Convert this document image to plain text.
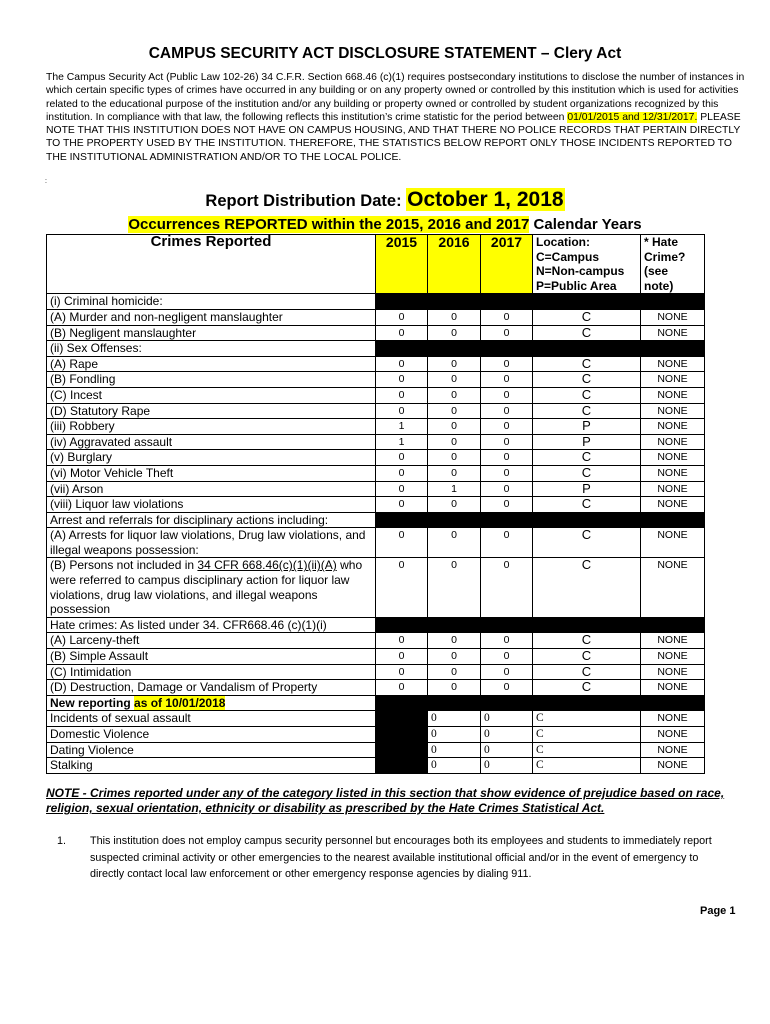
CAMPUS SECURITY ACT DISCLOSURE STATEMENT – Clery Act
The Campus Security Act (Public Law 102-26) 34 C.F.R. Section 668.46 (c)(1) requires postsecondary institutions to disclose the number of instances in which certain specific types of crimes have occurred in any building or on any property owned or controlled by this institution which is used for activities related to the educational purpose of the institution and/or any building or property owned or controlled by student organizations recognized by this institution. In compliance with that law, the following reflects this institution’s crime statistic for the period between 01/01/2015 and 12/31/2017. PLEASE NOTE THAT THIS INSTITUTION DOES NOT HAVE ON CAMPUS HOUSING, AND THAT THERE NO POLICE RECORDS THAT PERTAIN DIRECTLY TO THE PROPERTY USED BY THE INSTITUTION. THEREFORE, THE STATISTICS BELOW REPORT ONLY THOSE INCIDENTS REPORTED TO THE INSTITUTIONAL ADMINISTRATION AND/OR TO THE LOCAL POLICE.
:
Report Distribution Date: October 1, 2018
Occurrences REPORTED within the 2015, 2016 and 2017 Calendar Years
Crimes Reported	2015	2016	2017	Location:
C=Campus
N=Non-campus
P=Public Area	* Hate
Crime?
(see
note)
(i) Criminal homicide:					
(A) Murder and non-negligent manslaughter	0	0	0	C	NONE
(B) Negligent manslaughter	0	0	0	C	NONE
(ii) Sex Offenses:					
(A) Rape	0	0	0	C	NONE
(B) Fondling	0	0	0	C	NONE
(C) Incest	0	0	0	C	NONE
(D) Statutory Rape	0	0	0	C	NONE
(iii) Robbery	1	0	0	P	NONE
(iv) Aggravated assault	1	0	0	P	NONE
(v) Burglary	0	0	0	C	NONE
(vi) Motor Vehicle Theft	0	0	0	C	NONE
(vii) Arson	0	1	0	P	NONE
(viii) Liquor law violations	0	0	0	C	NONE
Arrest and referrals for disciplinary actions including:					
(A) Arrests for liquor law violations, Drug law violations, and illegal weapons possession:	0	0	0	C	NONE
(B) Persons not included in 34 CFR 668.46(c)(1)(ii)(A) who were referred to campus disciplinary action for liquor law violations, drug law violations, and illegal weapons possession	0	0	0	C	NONE
Hate crimes: As listed under 34. CFR668.46 (c)(1)(i)					
(A) Larceny-theft	0	0	0	C	NONE
(B) Simple Assault	0	0	0	C	NONE
(C) Intimidation	0	0	0	C	NONE
(D) Destruction, Damage or Vandalism of Property	0	0	0	C	NONE
New reporting as of 10/01/2018					
Incidents of sexual assault		0	0	C	NONE
Domestic Violence		0	0	C	NONE
Dating Violence		0	0	C	NONE
Stalking		0	0	C	NONE
NOTE - Crimes reported under any of the category listed in this section that show evidence of prejudice based on race, religion, sexual orientation, ethnicity or disability as prescribed by the Hate Crimes Statistical Act.
1. This institution does not employ campus security personnel but encourages both its employees and students to immediately report suspected criminal activity or other emergencies to the nearest available institutional official and/or in the event of emergency to directly contact local law enforcement or other emergency response agencies by dialing 911.
Page 1
